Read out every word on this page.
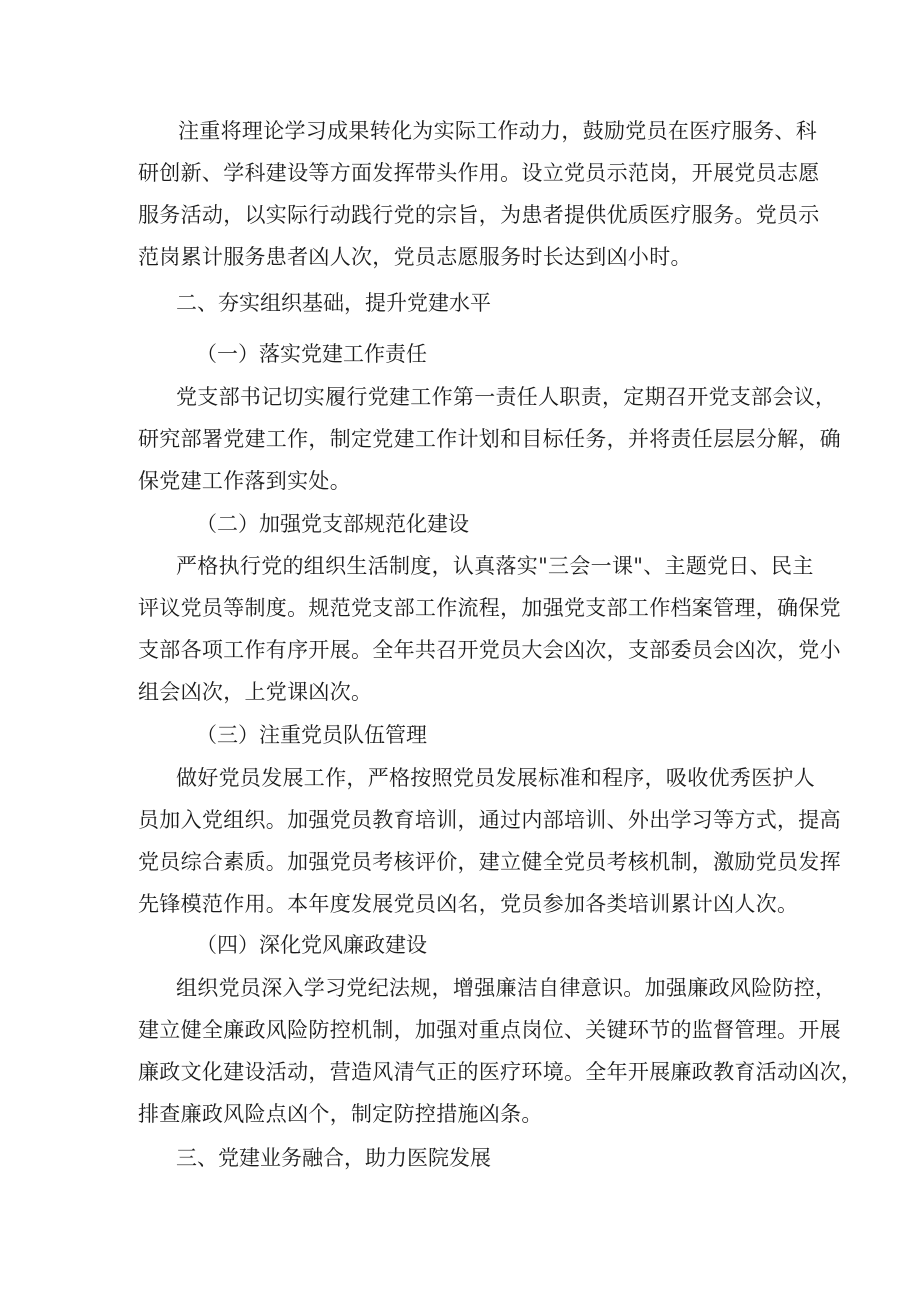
注重将理论学习成果转化为实际工作动力，鼓励党员在医疗服务、科
研创新、学科建设等方面发挥带头作用。设立党员示范岗，开展党员志愿
服务活动，以实际行动践行党的宗旨，为患者提供优质医疗服务。党员示
范岗累计服务患者凶人次，党员志愿服务时长达到凶小时。
二、夯实组织基础，提升党建水平
（一）落实党建工作责任
党支部书记切实履行党建工作第一责任人职责，定期召开党支部会议，
研究部署党建工作，制定党建工作计划和目标任务，并将责任层层分解，确
保党建工作落到实处。
（二）加强党支部规范化建设
严格执行党的组织生活制度，认真落实"三会一课"、主题党日、民主
评议党员等制度。规范党支部工作流程，加强党支部工作档案管理，确保党
支部各项工作有序开展。全年共召开党员大会凶次，支部委员会凶次，党小
组会凶次，上党课凶次。
（三）注重党员队伍管理
做好党员发展工作，严格按照党员发展标准和程序，吸收优秀医护人
员加入党组织。加强党员教育培训，通过内部培训、外出学习等方式，提高
党员综合素质。加强党员考核评价，建立健全党员考核机制，激励党员发挥
先锋模范作用。本年度发展党员凶名，党员参加各类培训累计凶人次。
（四）深化党风廉政建设
组织党员深入学习党纪法规，增强廉洁自律意识。加强廉政风险防控，
建立健全廉政风险防控机制，加强对重点岗位、关键环节的监督管理。开展
廉政文化建设活动，营造风清气正的医疗环境。全年开展廉政教育活动凶次，
排查廉政风险点凶个，制定防控措施凶条。
三、党建业务融合，助力医院发展
